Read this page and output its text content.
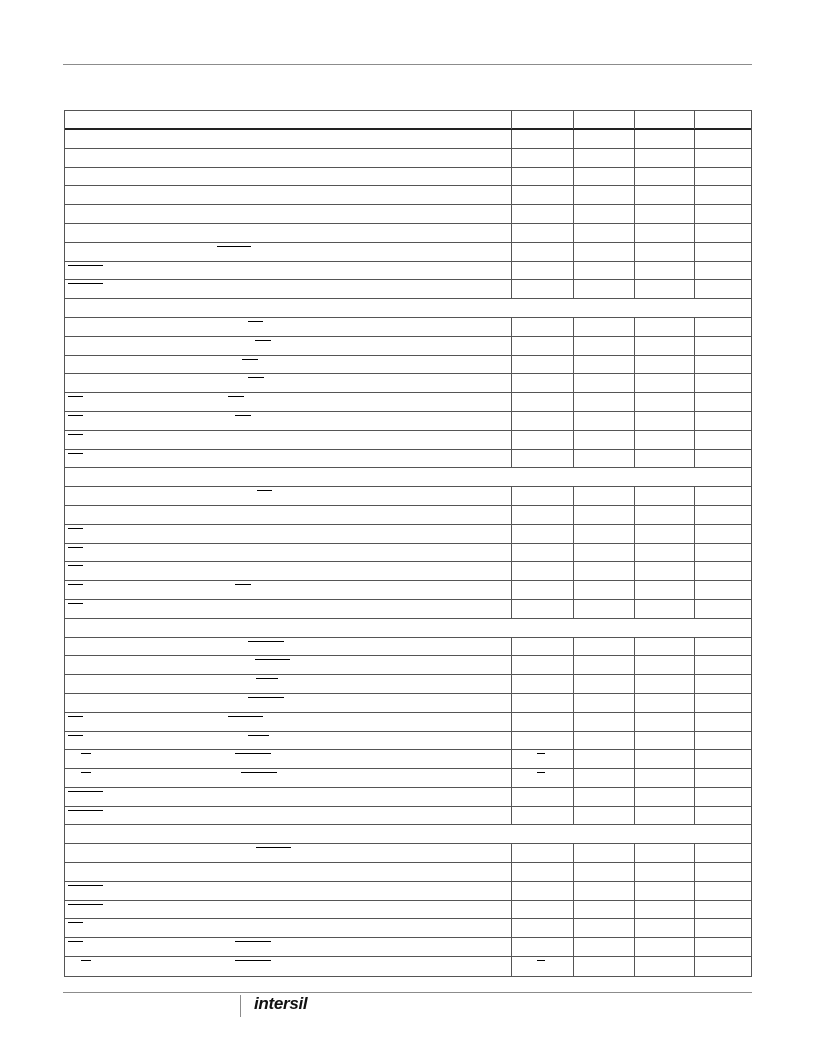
intersil
